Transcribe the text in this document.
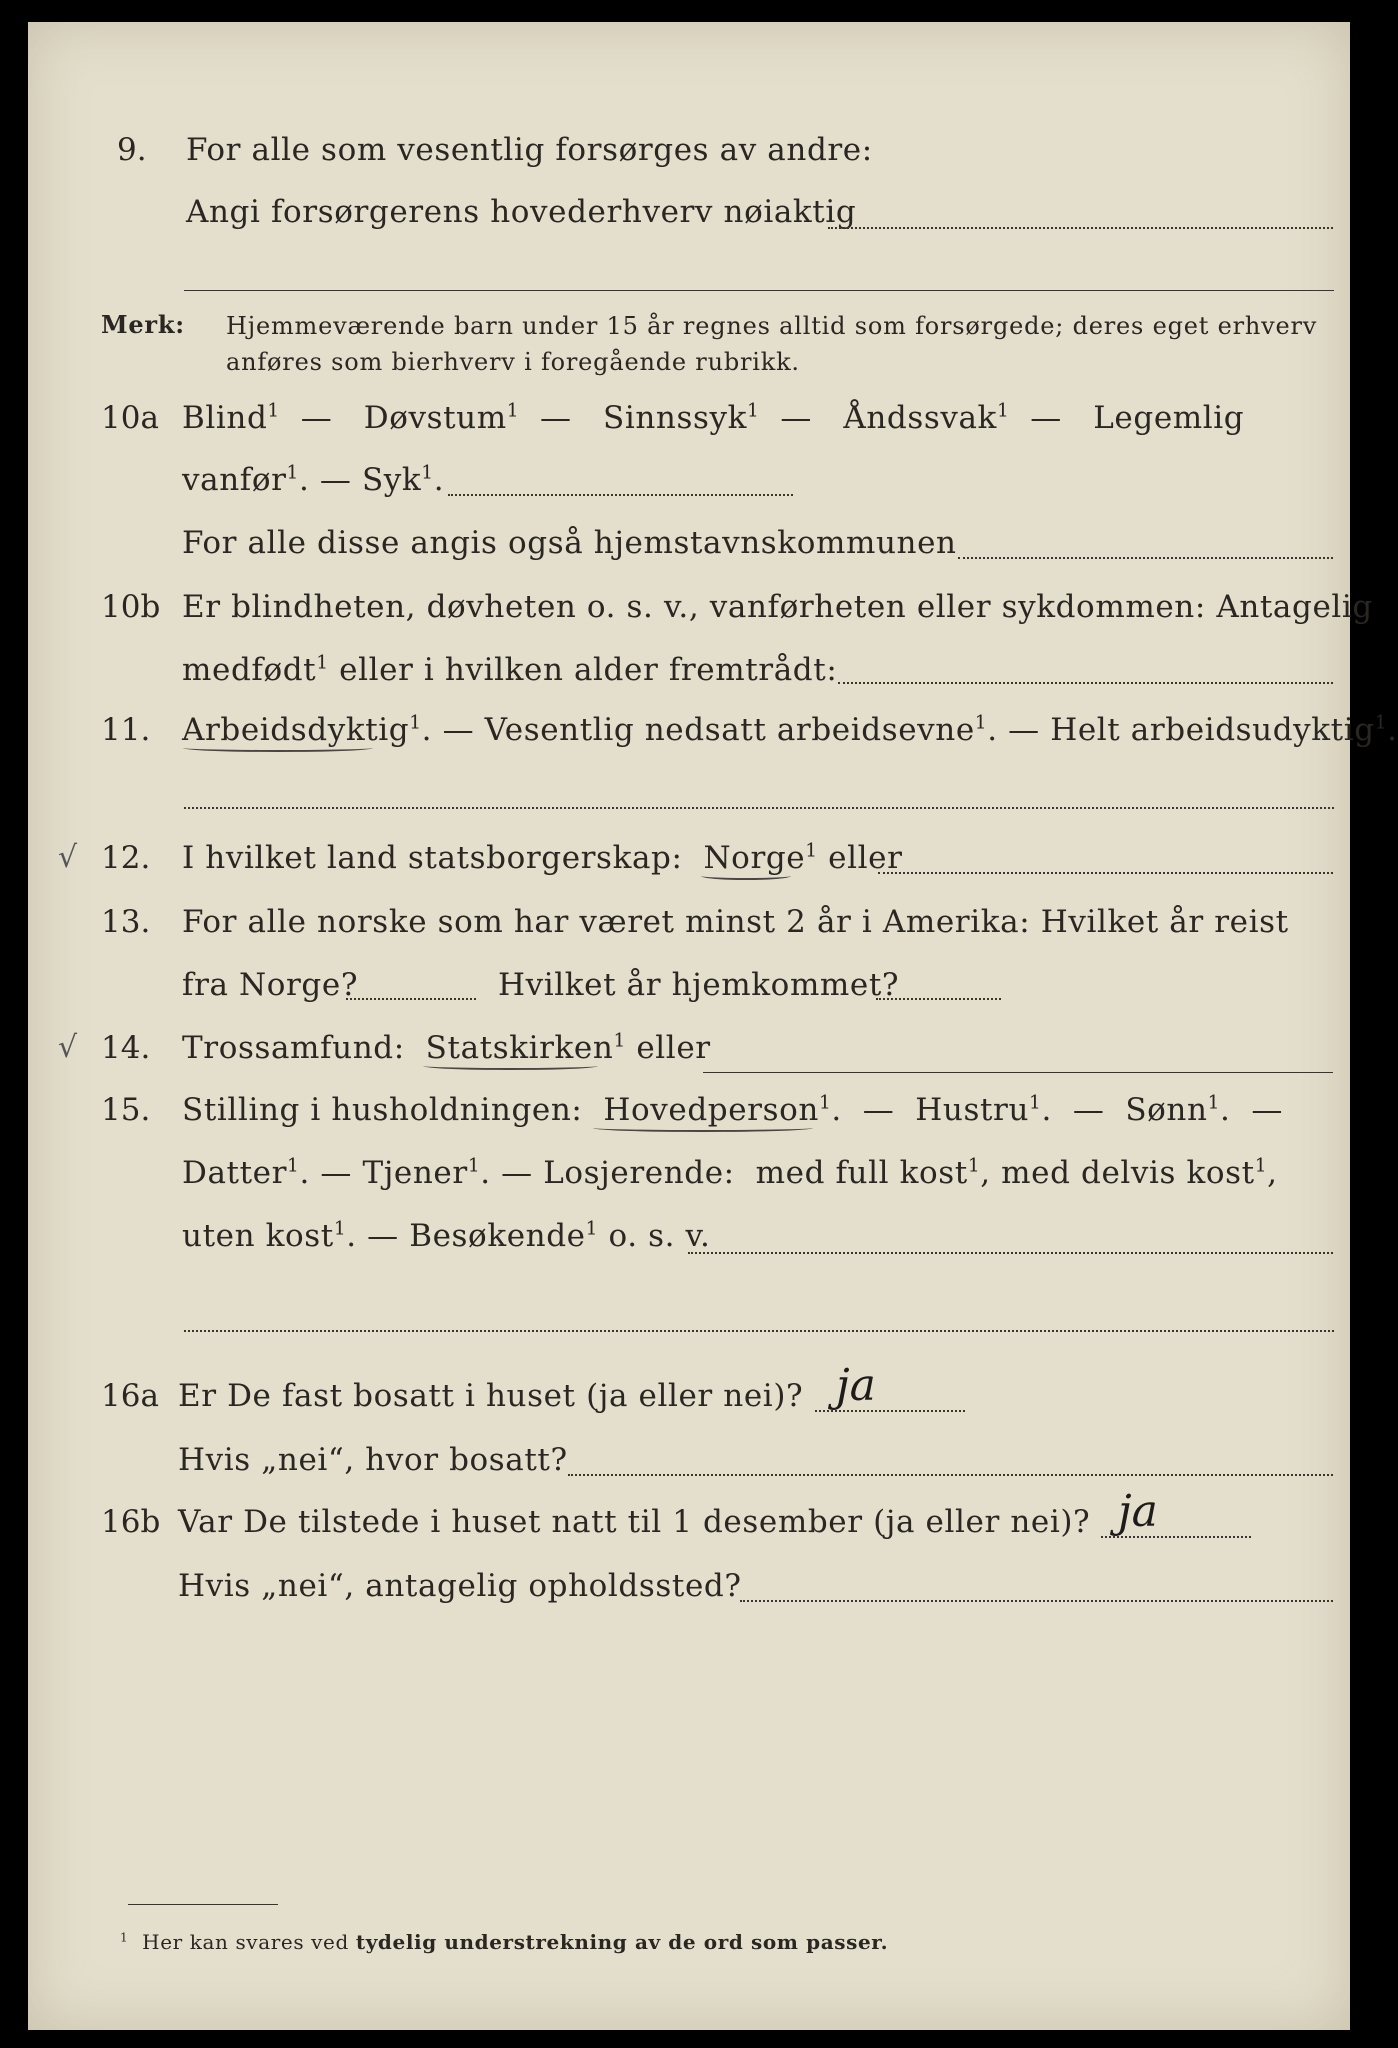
9. For alle som vesentlig forsørges av andre:
Angi forsørgerens hovederhverv nøiaktig
Merk: Hjemmeværende barn under 15 år regnes alltid som forsørgede; deres eget erhverv
anføres som bierhverv i foregående rubrikk.
10a Blind$^1$  —   Døvstum$^1$  —   Sinnssyk$^1$  —   Åndssvak$^1$  —   Legemlig
vanfør$^1$. — Syk$^1$.
For alle disse angis også hjemstavnskommunen
10b Er blindheten, døvheten o. s. v., vanførheten eller sykdommen: Antagelig
medfødt$^1$ eller i hvilken alder fremtrådt:
11. Arbeidsdyktig$^1$. — Vesentlig nedsatt arbeidsevne$^1$. — Helt arbeidsudyktig$^1$.
√ 12. I hvilket land statsborgerskap: Norge$^1$ eller
13. For alle norske som har været minst 2 år i Amerika: Hvilket år reist
fra Norge?	Hvilket år hjemkommet?
√ 14. Trossamfund: Statskirken$^1$ eller
15. Stilling i husholdningen: Hovedperson$^1$.  —  Hustru$^1$.  —  Sønn$^1$.  —
Datter$^1$. — Tjener$^1$. — Losjerende: med full kost$^1$, med delvis kost$^1$,
uten kost$^1$. — Besøkende$^1$ o. s. v.
16a Er De fast bosatt i huset (ja eller nei)? ja
Hvis „nei“, hvor bosatt?
16b Var De tilstede i huset natt til 1 desember (ja eller nei)? ja
Hvis „nei“, antagelig opholdssted?
$^1$ Her kan svares ved tydelig understrekning av de ord som passer.
